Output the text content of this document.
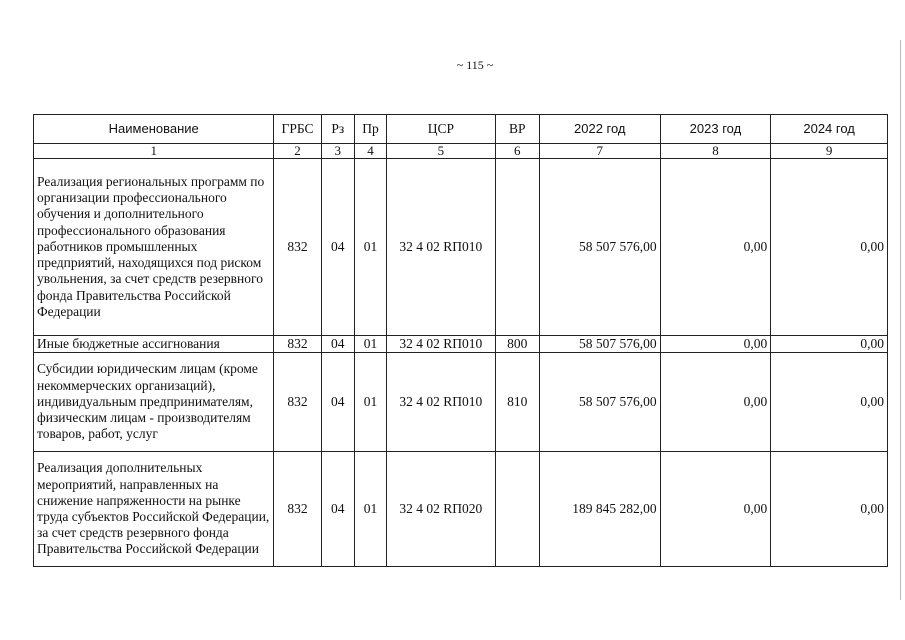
~ 115 ~
Наименование	ГРБС	Рз	Пр	ЦСР	ВР	2022 год	2023 год	2024 год
1	2	3	4	5	6	7	8	9
Реализация региональных программ по организации профессионального обучения и дополнительного профессионального образования работников промышленных предприятий, находящихся под риском увольнения, за счет средств резервного фонда Правительства Российской Федерации	832	04	01	32 4 02 RП010		58 507 576,00	0,00	0,00
Иные бюджетные ассигнования	832	04	01	32 4 02 RП010	800	58 507 576,00	0,00	0,00
Субсидии юридическим лицам (кроме некоммерческих организаций), индивидуальным предпринимателям, физическим лицам - производителям товаров, работ, услуг	832	04	01	32 4 02 RП010	810	58 507 576,00	0,00	0,00
Реализация дополнительных мероприятий, направленных на снижение напряженности на рынке труда субъектов Российской Федерации, за счет средств резервного фонда Правительства Российской Федерации	832	04	01	32 4 02 RП020		189 845 282,00	0,00	0,00
